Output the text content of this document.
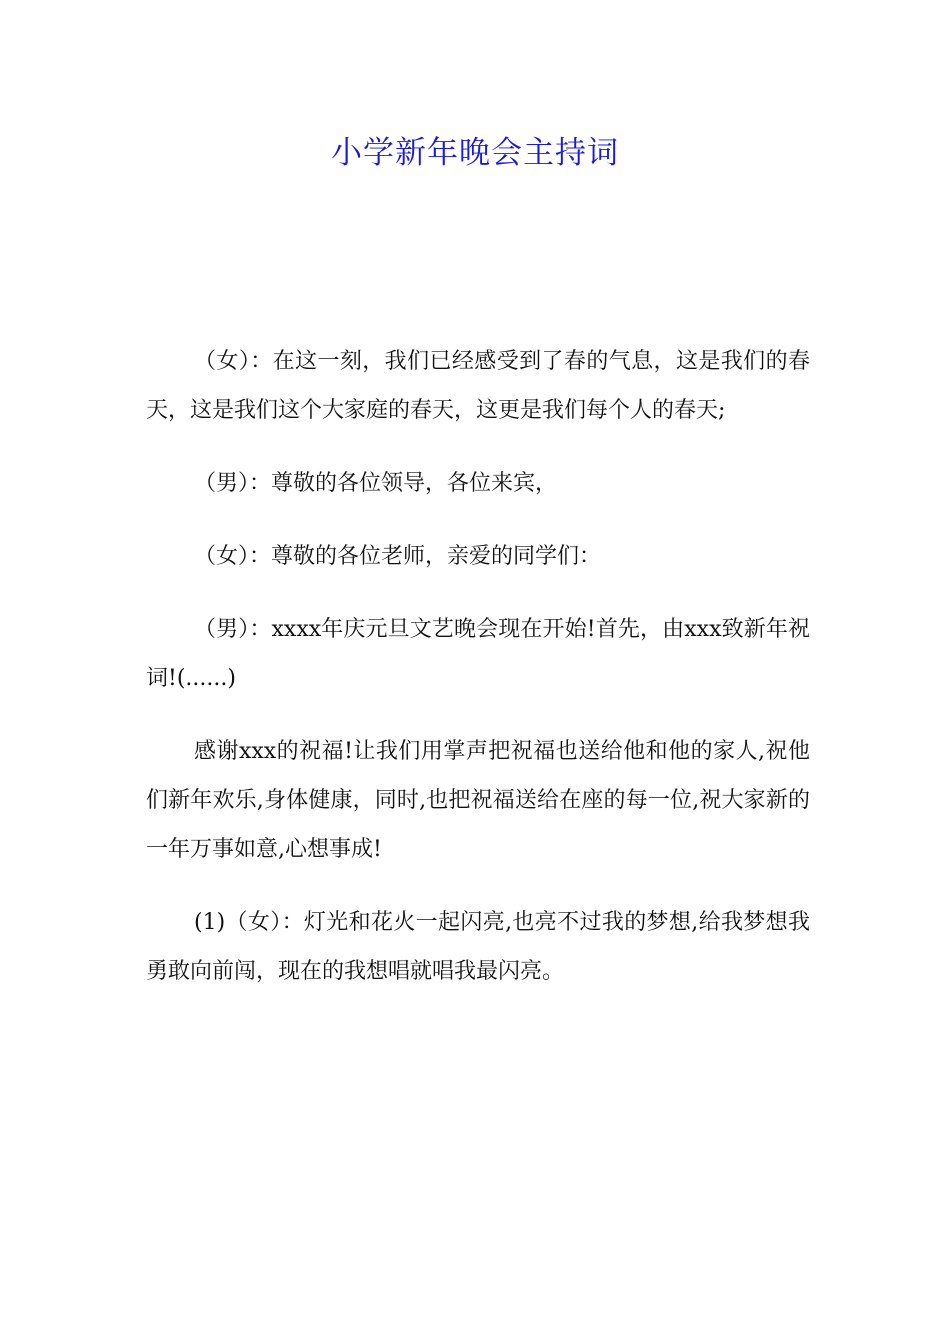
小学新年晚会主持词

（女）：在这一刻，我们已经感受到了春的气息，这是我们的春天，这是我们这个大家庭的春天，这更是我们每个人的春天;

（男）：尊敬的各位领导，各位来宾，

（女）：尊敬的各位老师，亲爱的同学们：

（男）：xxxx年庆元旦文艺晚会现在开始!首先，由xxx致新年祝词!(......)

感谢xxx的祝福!让我们用掌声把祝福也送给他和他的家人,祝他们新年欢乐,身体健康，同时,也把祝福送给在座的每一位,祝大家新的一年万事如意,心想事成!

(1)（女）：灯光和花火一起闪亮,也亮不过我的梦想,给我梦想我勇敢向前闯，现在的我想唱就唱我最闪亮。
